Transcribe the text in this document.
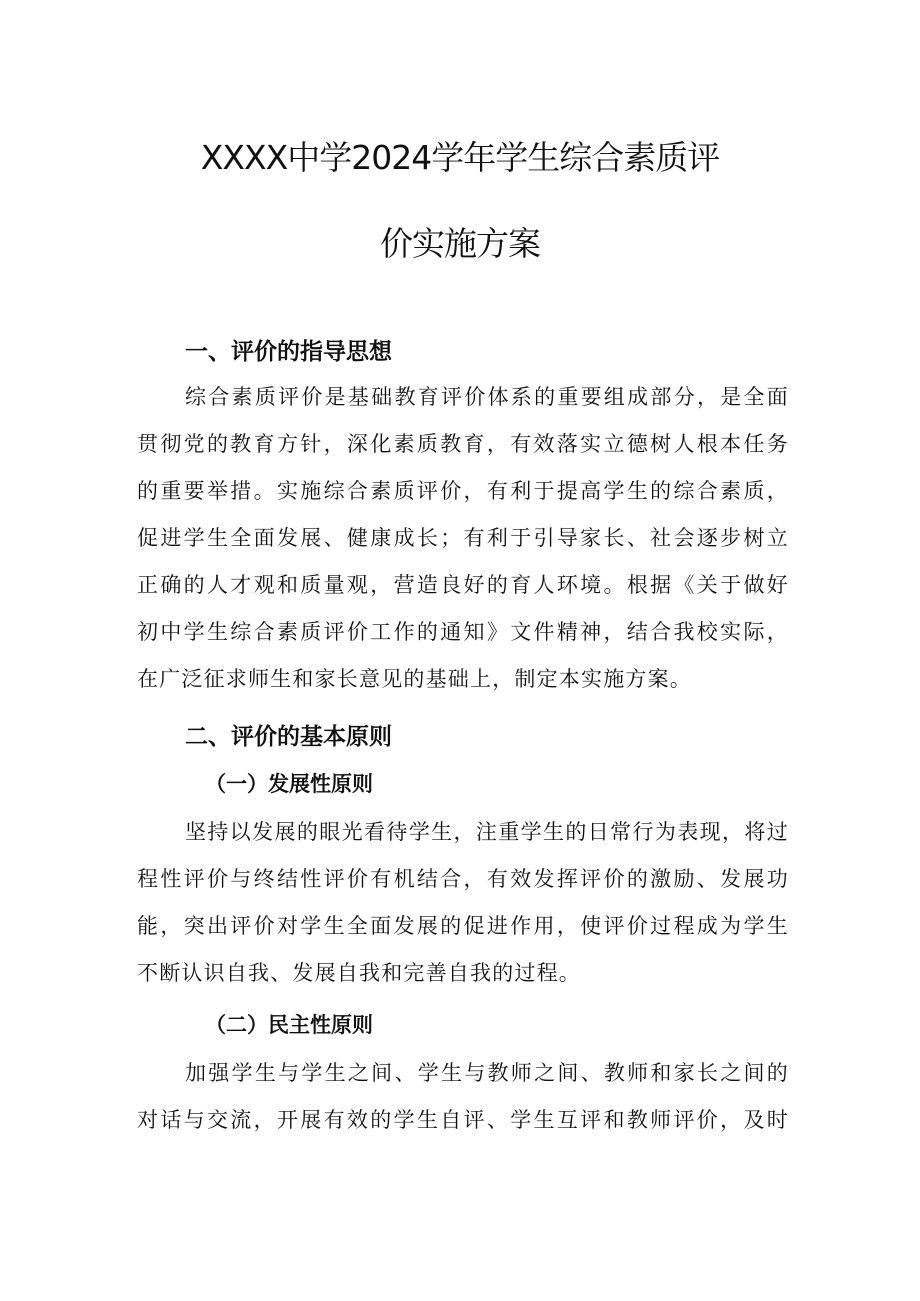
XXXX中学2024学年学生综合素质评
价实施方案
一、评价的指导思想
综合素质评价是基础教育评价体系的重要组成部分，是全面
贯彻党的教育方针，深化素质教育，有效落实立德树人根本任务
的重要举措。实施综合素质评价，有利于提高学生的综合素质，
促进学生全面发展、健康成长；有利于引导家长、社会逐步树立
正确的人才观和质量观，营造良好的育人环境。根据《关于做好
初中学生综合素质评价工作的通知》文件精神，结合我校实际，
在广泛征求师生和家长意见的基础上，制定本实施方案。
二、评价的基本原则
（一）发展性原则
坚持以发展的眼光看待学生，注重学生的日常行为表现，将过
程性评价与终结性评价有机结合，有效发挥评价的激励、发展功
能，突出评价对学生全面发展的促进作用，使评价过程成为学生
不断认识自我、发展自我和完善自我的过程。
（二）民主性原则
加强学生与学生之间、学生与教师之间、教师和家长之间的
对话与交流，开展有效的学生自评、学生互评和教师评价，及时
